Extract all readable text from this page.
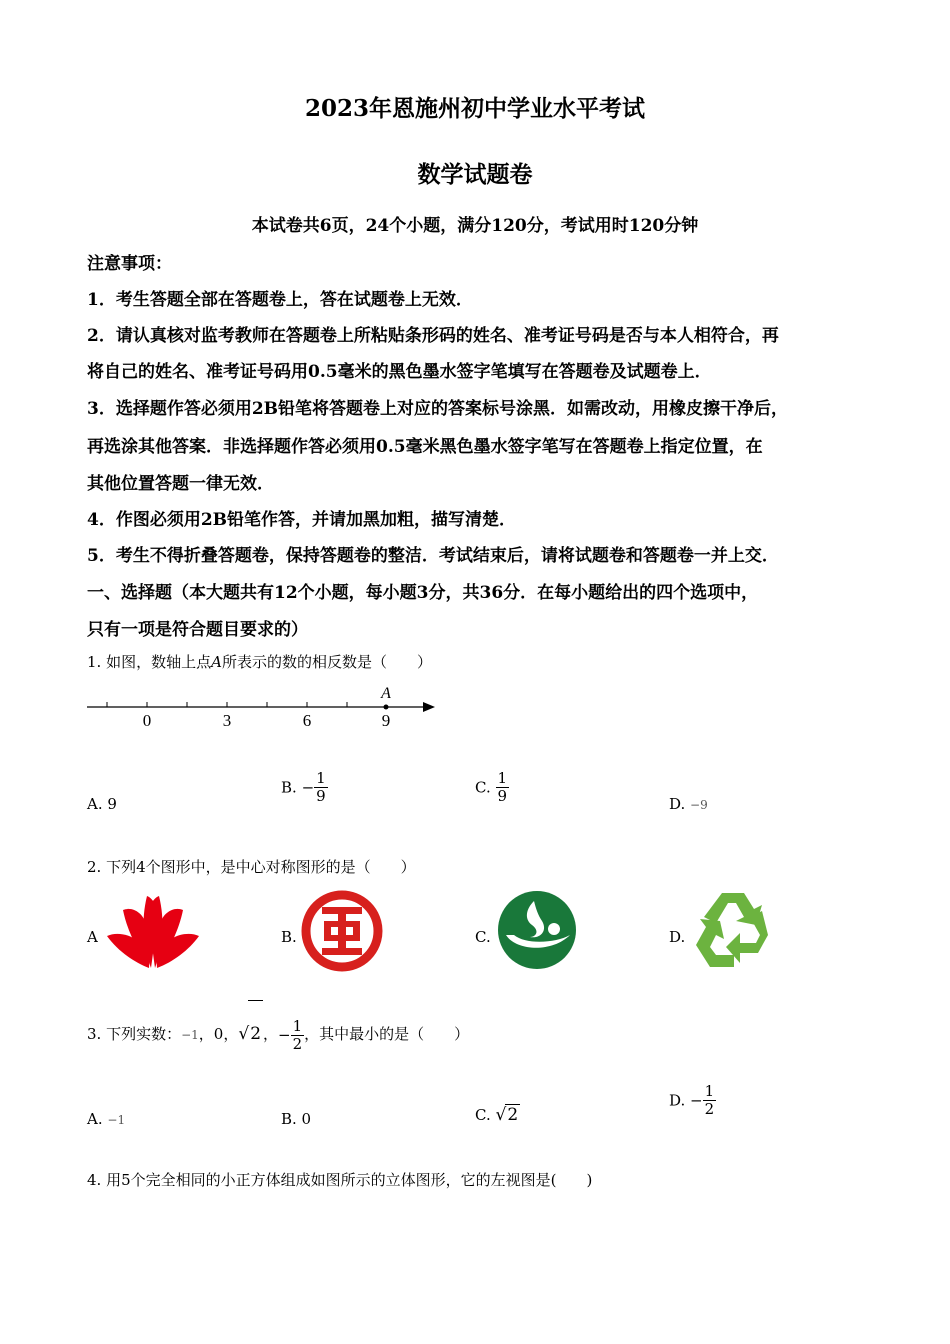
2023年恩施州初中学业水平考试
数学试题卷
本试卷共6页，24个小题，满分120分，考试用时120分钟
注意事项：
1．考生答题全部在答题卷上，答在试题卷上无效．
2．请认真核对监考教师在答题卷上所粘贴条形码的姓名、准考证号码是否与本人相符合，再
将自己的姓名、准考证号码用0.5毫米的黑色墨水签字笔填写在答题卷及试题卷上．
3．选择题作答必须用2B铅笔将答题卷上对应的答案标号涂黑．如需改动，用橡皮擦干净后，
再选涂其他答案．非选择题作答必须用0.5毫米黑色墨水签字笔写在答题卷上指定位置，在
其他位置答题一律无效．
4．作图必须用2B铅笔作答，并请加黑加粗，描写清楚．
5．考生不得折叠答题卷，保持答题卷的整洁．考试结束后，请将试题卷和答题卷一并上交．
一、选择题（本大题共有12个小题，每小题3分，共36分．在每小题给出的四个选项中，
只有一项是符合题目要求的）
1. 如图，数轴上点A所表示的数的相反数是（　　）
A
0	3	6	9
A. 9
B. − $\frac{1}{9}$	C. $\frac{1}{9}$	D. −9
2. 下列4个图形中，是中心对称图形的是（　　）
A	B.	C.	D.
3. 下列实数：−1，0，√2 ，− $\frac{1}{2}$ ，其中最小的是（　　）
A. −1	B. 0	C. √2
D. − $\frac{1}{2}$
4. 用5个完全相同的小正方体组成如图所示的立体图形，它的左视图是(　　)
